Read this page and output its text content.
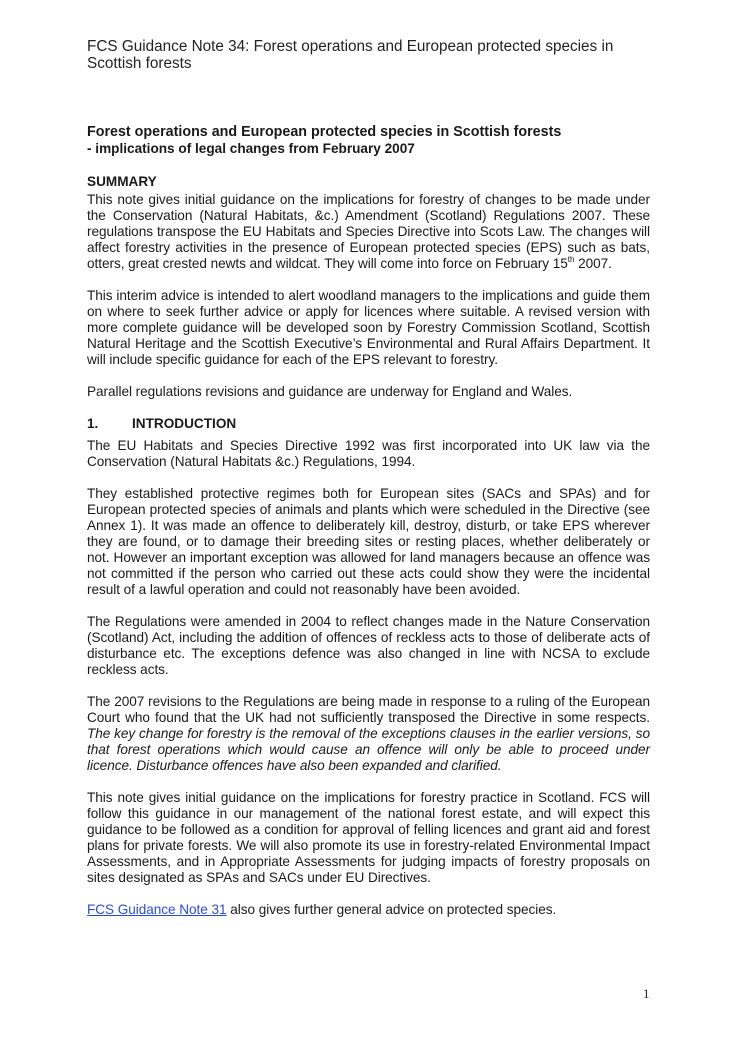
FCS Guidance Note 34: Forest operations and European protected species in Scottish forests
Forest operations and European protected species in Scottish forests
- implications of legal changes from February 2007
SUMMARY

This note gives initial guidance on the implications for forestry of changes to be made under the Conservation (Natural Habitats, &c.) Amendment (Scotland) Regulations 2007. These regulations transpose the EU Habitats and Species Directive into Scots Law. The changes will affect forestry activities in the presence of European protected species (EPS) such as bats, otters, great crested newts and wildcat. They will come into force on February 15th 2007.

This interim advice is intended to alert woodland managers to the implications and guide them on where to seek further advice or apply for licences where suitable. A revised version with more complete guidance will be developed soon by Forestry Commission Scotland, Scottish Natural Heritage and the Scottish Executive’s Environmental and Rural Affairs Department. It will include specific guidance for each of the EPS relevant to forestry.

Parallel regulations revisions and guidance are underway for England and Wales.

1. INTRODUCTION

The EU Habitats and Species Directive 1992 was first incorporated into UK law via the Conservation (Natural Habitats &c.) Regulations, 1994.

They established protective regimes both for European sites (SACs and SPAs) and for European protected species of animals and plants which were scheduled in the Directive (see Annex 1). It was made an offence to deliberately kill, destroy, disturb, or take EPS wherever they are found, or to damage their breeding sites or resting places, whether deliberately or not. However an important exception was allowed for land managers because an offence was not committed if the person who carried out these acts could show they were the incidental result of a lawful operation and could not reasonably have been avoided.

The Regulations were amended in 2004 to reflect changes made in the Nature Conservation (Scotland) Act, including the addition of offences of reckless acts to those of deliberate acts of disturbance etc. The exceptions defence was also changed in line with NCSA to exclude reckless acts.

The 2007 revisions to the Regulations are being made in response to a ruling of the European Court who found that the UK had not sufficiently transposed the Directive in some respects. The key change for forestry is the removal of the exceptions clauses in the earlier versions, so that forest operations which would cause an offence will only be able to proceed under licence. Disturbance offences have also been expanded and clarified.

This note gives initial guidance on the implications for forestry practice in Scotland. FCS will follow this guidance in our management of the national forest estate, and will expect this guidance to be followed as a condition for approval of felling licences and grant aid and forest plans for private forests. We will also promote its use in forestry-related Environmental Impact Assessments, and in Appropriate Assessments for judging impacts of forestry proposals on sites designated as SPAs and SACs under EU Directives.

FCS Guidance Note 31 also gives further general advice on protected species.

1
